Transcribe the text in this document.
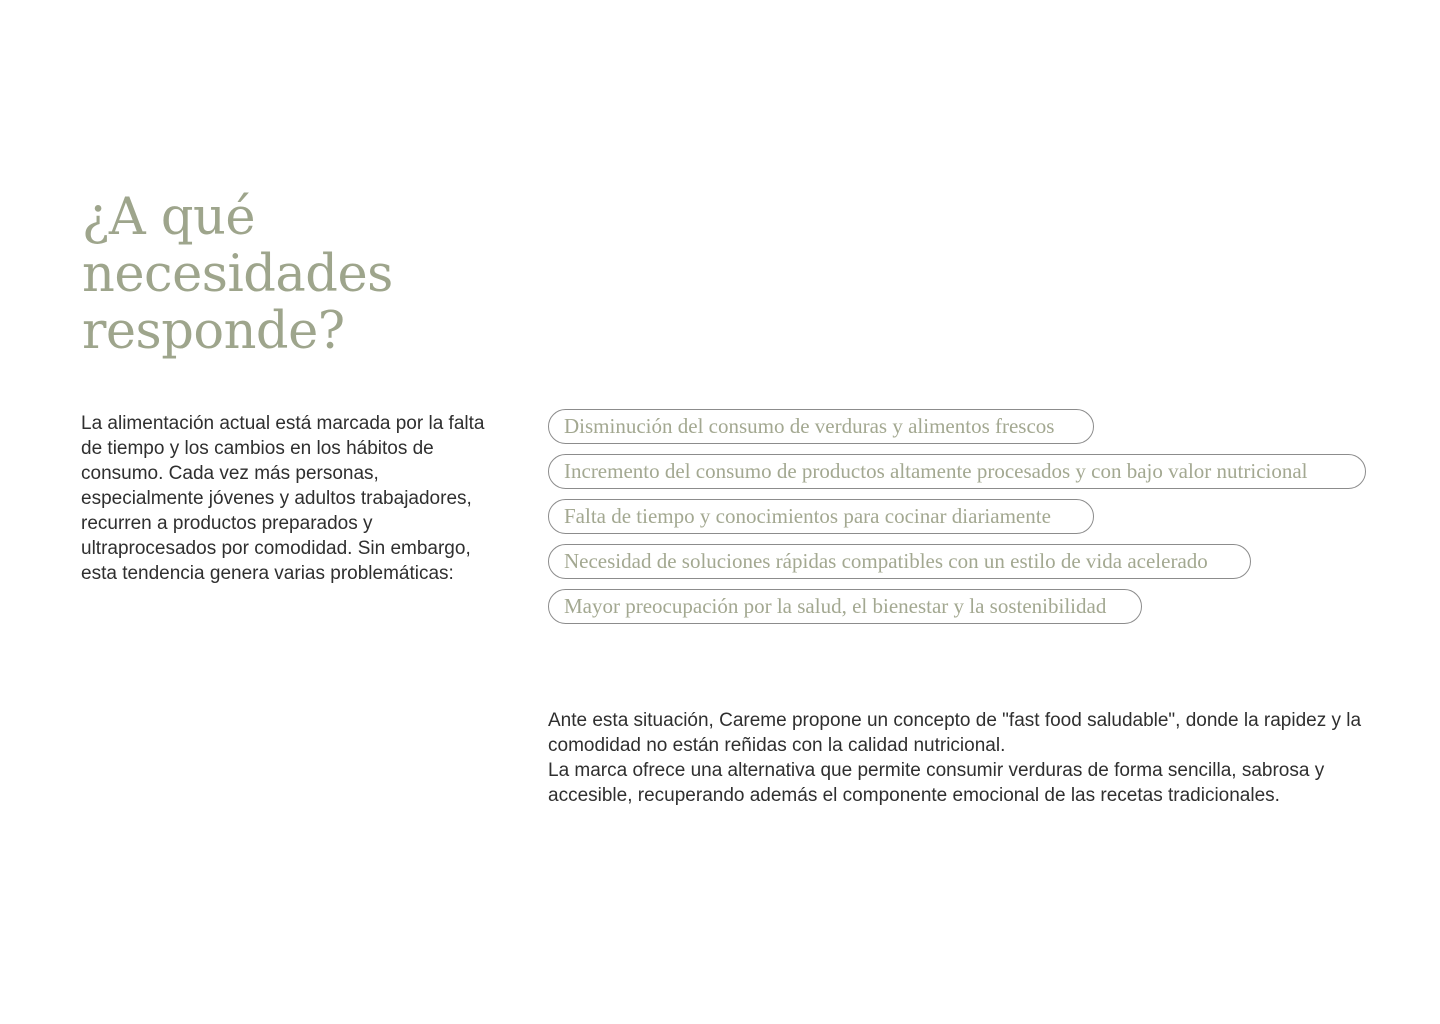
¿A qué
necesidades
responde?

La alimentación actual está marcada por la falta de tiempo y los cambios en los hábitos de consumo. Cada vez más personas, especialmente jóvenes y adultos trabajadores, recurren a productos preparados y ultraprocesados por comodidad. Sin embargo, esta tendencia genera varias problemáticas:

Disminución del consumo de verduras y alimentos frescos
Incremento del consumo de productos altamente procesados y con bajo valor nutricional
Falta de tiempo y conocimientos para cocinar diariamente
Necesidad de soluciones rápidas compatibles con un estilo de vida acelerado
Mayor preocupación por la salud, el bienestar y la sostenibilidad

Ante esta situación, Careme propone un concepto de "fast food saludable", donde la rapidez y la comodidad no están reñidas con la calidad nutricional.
La marca ofrece una alternativa que permite consumir verduras de forma sencilla, sabrosa y accesible, recuperando además el componente emocional de las recetas tradicionales.
